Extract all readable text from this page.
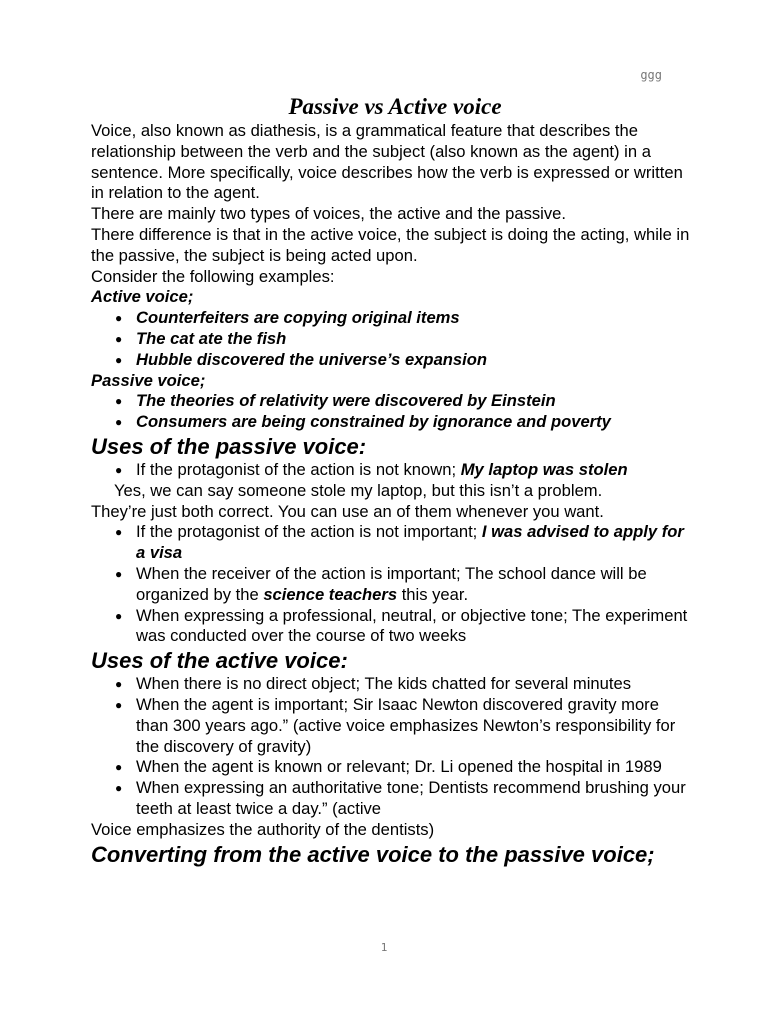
ggg
Passive vs Active voice

Voice, also known as diathesis, is a grammatical feature that describes the relationship between the verb and the subject (also known as the agent) in a sentence. More specifically, voice describes how the verb is expressed or written in relation to the agent.

There are mainly two types of voices, the active and the passive.

There difference is that in the active voice, the subject is doing the acting, while in the passive, the subject is being acted upon.

Consider the following examples:

Active voice;

● Counterfeiters are copying original items
● The cat ate the fish
● Hubble discovered the universe’s expansion

Passive voice;

● The theories of relativity were discovered by Einstein
● Consumers are being constrained by ignorance and poverty

Uses of the passive voice:

● If the protagonist of the action is not known; My laptop was stolen

Yes, we can say someone stole my laptop, but this isn’t a problem.

They’re just both correct. You can use an of them whenever you want.

● If the protagonist of the action is not important; I was advised to apply for a visa
● When the receiver of the action is important; The school dance will be organized by the science teachers this year.
● When expressing a professional, neutral, or objective tone; The experiment was conducted over the course of two weeks

Uses of the active voice:

● When there is no direct object; The kids chatted for several minutes
● When the agent is important; Sir Isaac Newton discovered gravity more than 300 years ago.” (active voice emphasizes Newton’s responsibility for the discovery of gravity)
● When the agent is known or relevant; Dr. Li opened the hospital in 1989
● When expressing an authoritative tone; Dentists recommend brushing your teeth at least twice a day.” (active

Voice emphasizes the authority of the dentists)

Converting from the active voice to the passive voice;

1
